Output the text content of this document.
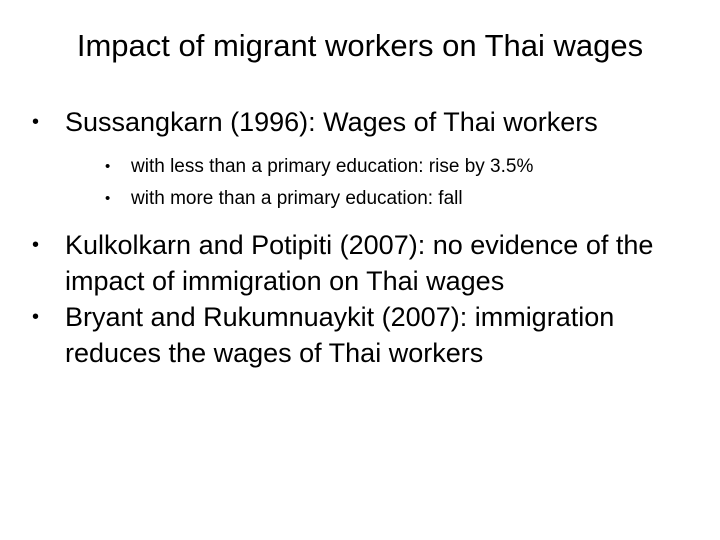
Impact of migrant workers on Thai wages
• Sussangkarn (1996): Wages of Thai workers
• with less than a primary education: rise by 3.5%
• with more than a primary education: fall
• Kulkolkarn and Potipiti (2007): no evidence of the impact of immigration on Thai wages
• Bryant and Rukumnuaykit (2007): immigration reduces the wages of Thai workers
